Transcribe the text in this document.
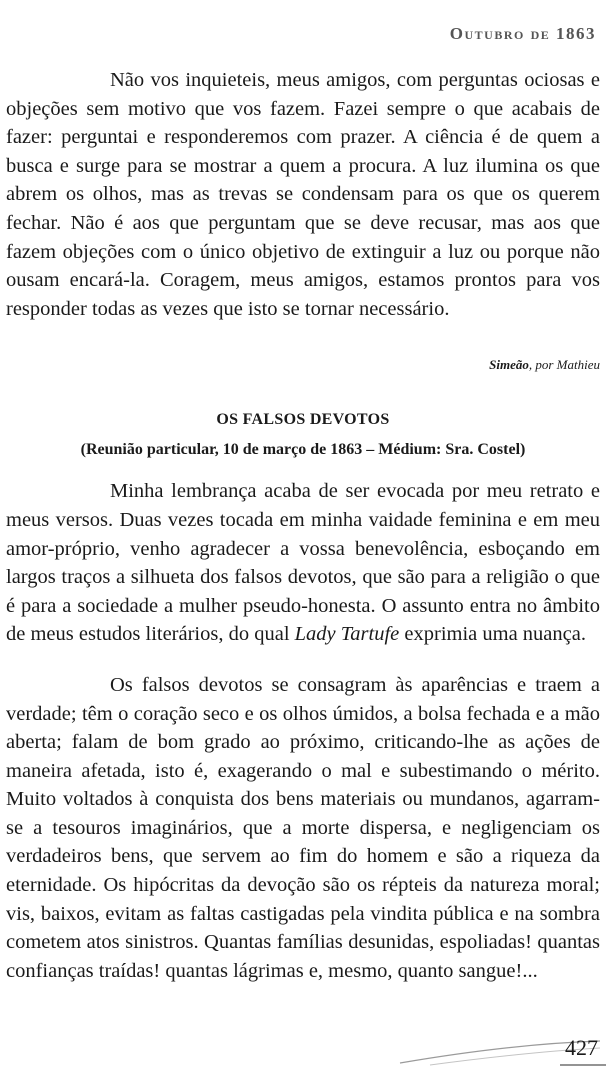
Outubro de 1863

Não vos inquieteis, meus amigos, com perguntas ociosas e objeções sem motivo que vos fazem. Fazei sempre o que acabais de fazer: perguntai e responderemos com prazer. A ciência é de quem a busca e surge para se mostrar a quem a procura. A luz ilumina os que abrem os olhos, mas as trevas se condensam para os que os querem fechar. Não é aos que perguntam que se deve recusar, mas aos que fazem objeções com o único objetivo de extinguir a luz ou porque não ousam encará-la. Coragem, meus amigos, estamos prontos para vos responder todas as vezes que isto se tornar necessário.

Simeão, por Mathieu
OS FALSOS DEVOTOS
(Reunião particular, 10 de março de 1863 – Médium: Sra. Costel)

Minha lembrança acaba de ser evocada por meu retrato e meus versos. Duas vezes tocada em minha vaidade feminina e em meu amor-próprio, venho agradecer a vossa benevolência, esboçando em largos traços a silhueta dos falsos devotos, que são para a religião o que é para a sociedade a mulher pseudo-honesta. O assunto entra no âmbito de meus estudos literários, do qual Lady Tartufe exprimia uma nuança.

Os falsos devotos se consagram às aparências e traem a verdade; têm o coração seco e os olhos úmidos, a bolsa fechada e a mão aberta; falam de bom grado ao próximo, criticando-lhe as ações de maneira afetada, isto é, exagerando o mal e subestimando o mérito. Muito voltados à conquista dos bens materiais ou mundanos, agarram-se a tesouros imaginários, que a morte dispersa, e negligenciam os verdadeiros bens, que servem ao fim do homem e são a riqueza da eternidade. Os hipócritas da devoção são os répteis da natureza moral; vis, baixos, evitam as faltas castigadas pela vindita pública e na sombra cometem atos sinistros. Quantas famílias desunidas, espoliadas! quantas confianças traídas! quantas lágrimas e, mesmo, quanto sangue!...

427
